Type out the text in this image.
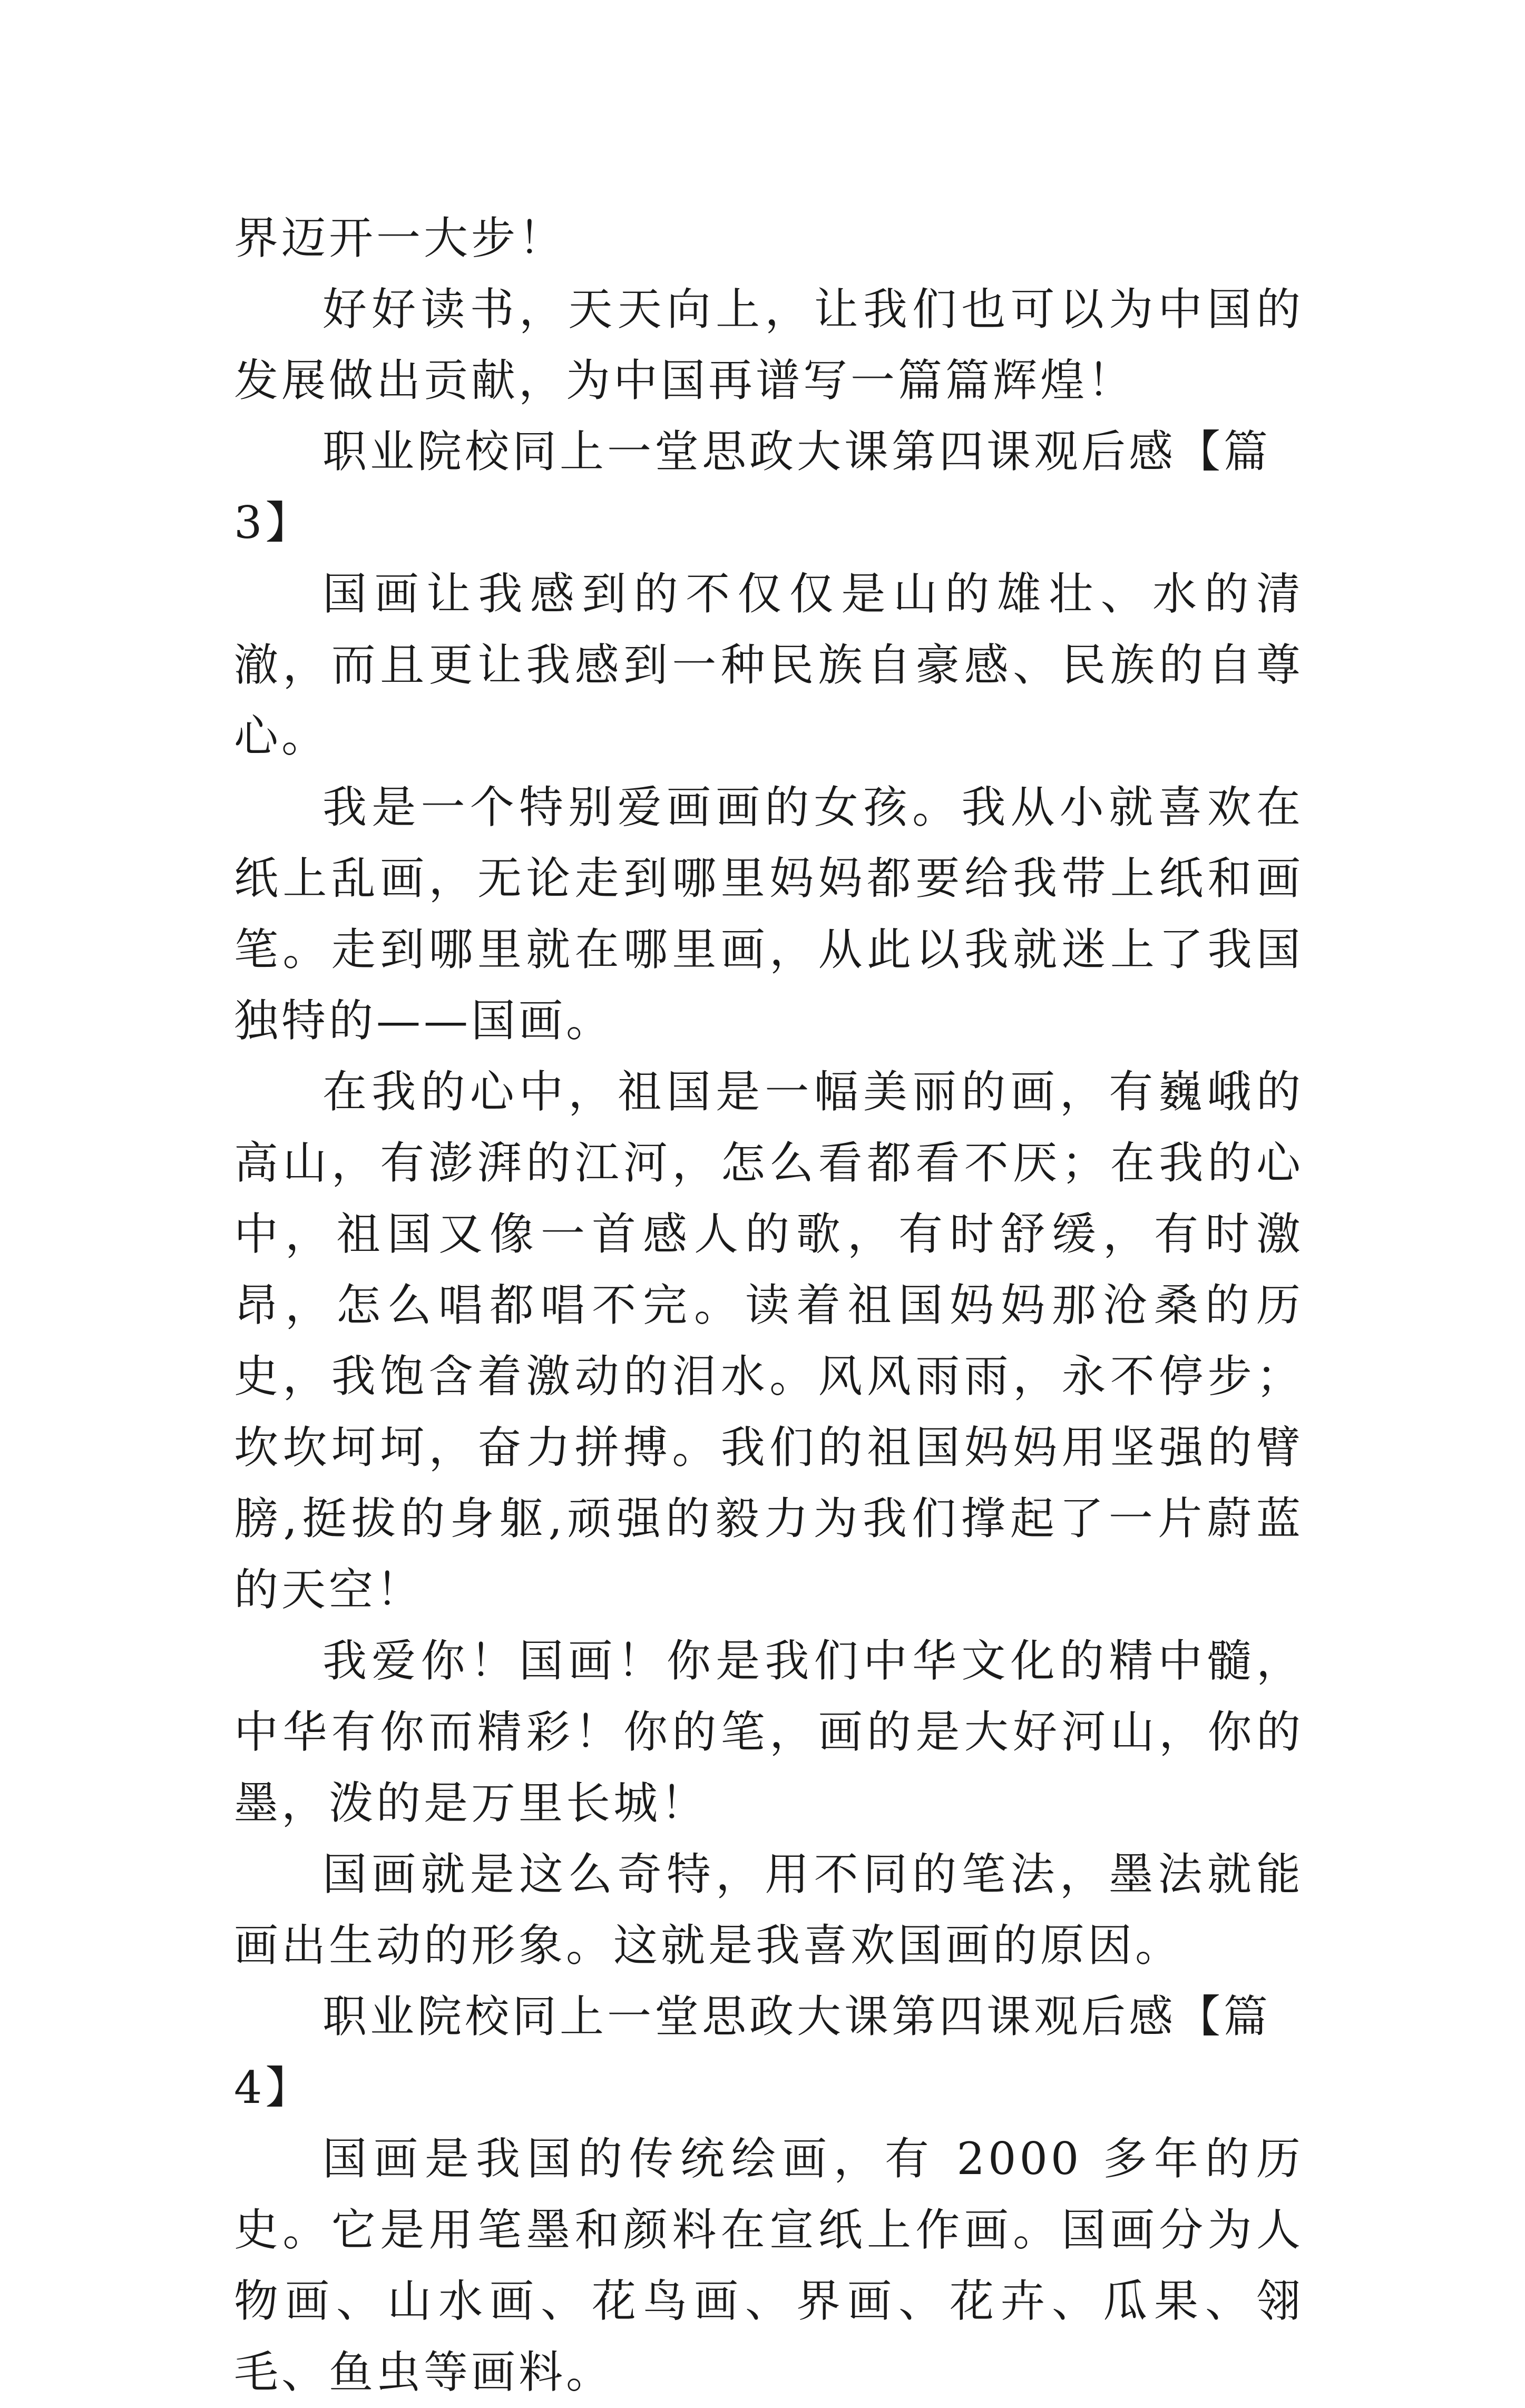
界迈开一大步！

好好读书，天天向上，让我们也可以为中国的发展做出贡献，为中国再谱写一篇篇辉煌！

职业院校同上一堂思政大课第四课观后感【篇 3】

国画让我感到的不仅仅是山的雄壮、水的清澈，而且更让我感到一种民族自豪感、民族的自尊心。

我是一个特别爱画画的女孩。我从小就喜欢在纸上乱画，无论走到哪里妈妈都要给我带上纸和画笔。走到哪里就在哪里画，从此以我就迷上了我国独特的——国画。

在我的心中，祖国是一幅美丽的画，有巍峨的高山，有澎湃的江河，怎么看都看不厌；在我的心中，祖国又像一首感人的歌，有时舒缓，有时激昂，怎么唱都唱不完。读着祖国妈妈那沧桑的历史，我饱含着激动的泪水。风风雨雨，永不停步；坎坎坷坷，奋力拼搏。我们的祖国妈妈用坚强的臂膀,挺拔的身躯,顽强的毅力为我们撑起了一片蔚蓝的天空！

我爱你！国画！你是我们中华文化的精中髓，中华有你而精彩！你的笔，画的是大好河山，你的墨，泼的是万里长城！

国画就是这么奇特，用不同的笔法，墨法就能画出生动的形象。这就是我喜欢国画的原因。

职业院校同上一堂思政大课第四课观后感【篇 4】

国画是我国的传统绘画，有 2000 多年的历史。它是用笔墨和颜料在宣纸上作画。国画分为人物画、山水画、花鸟画、界画、花卉、瓜果、翎毛、鱼虫等画料。
